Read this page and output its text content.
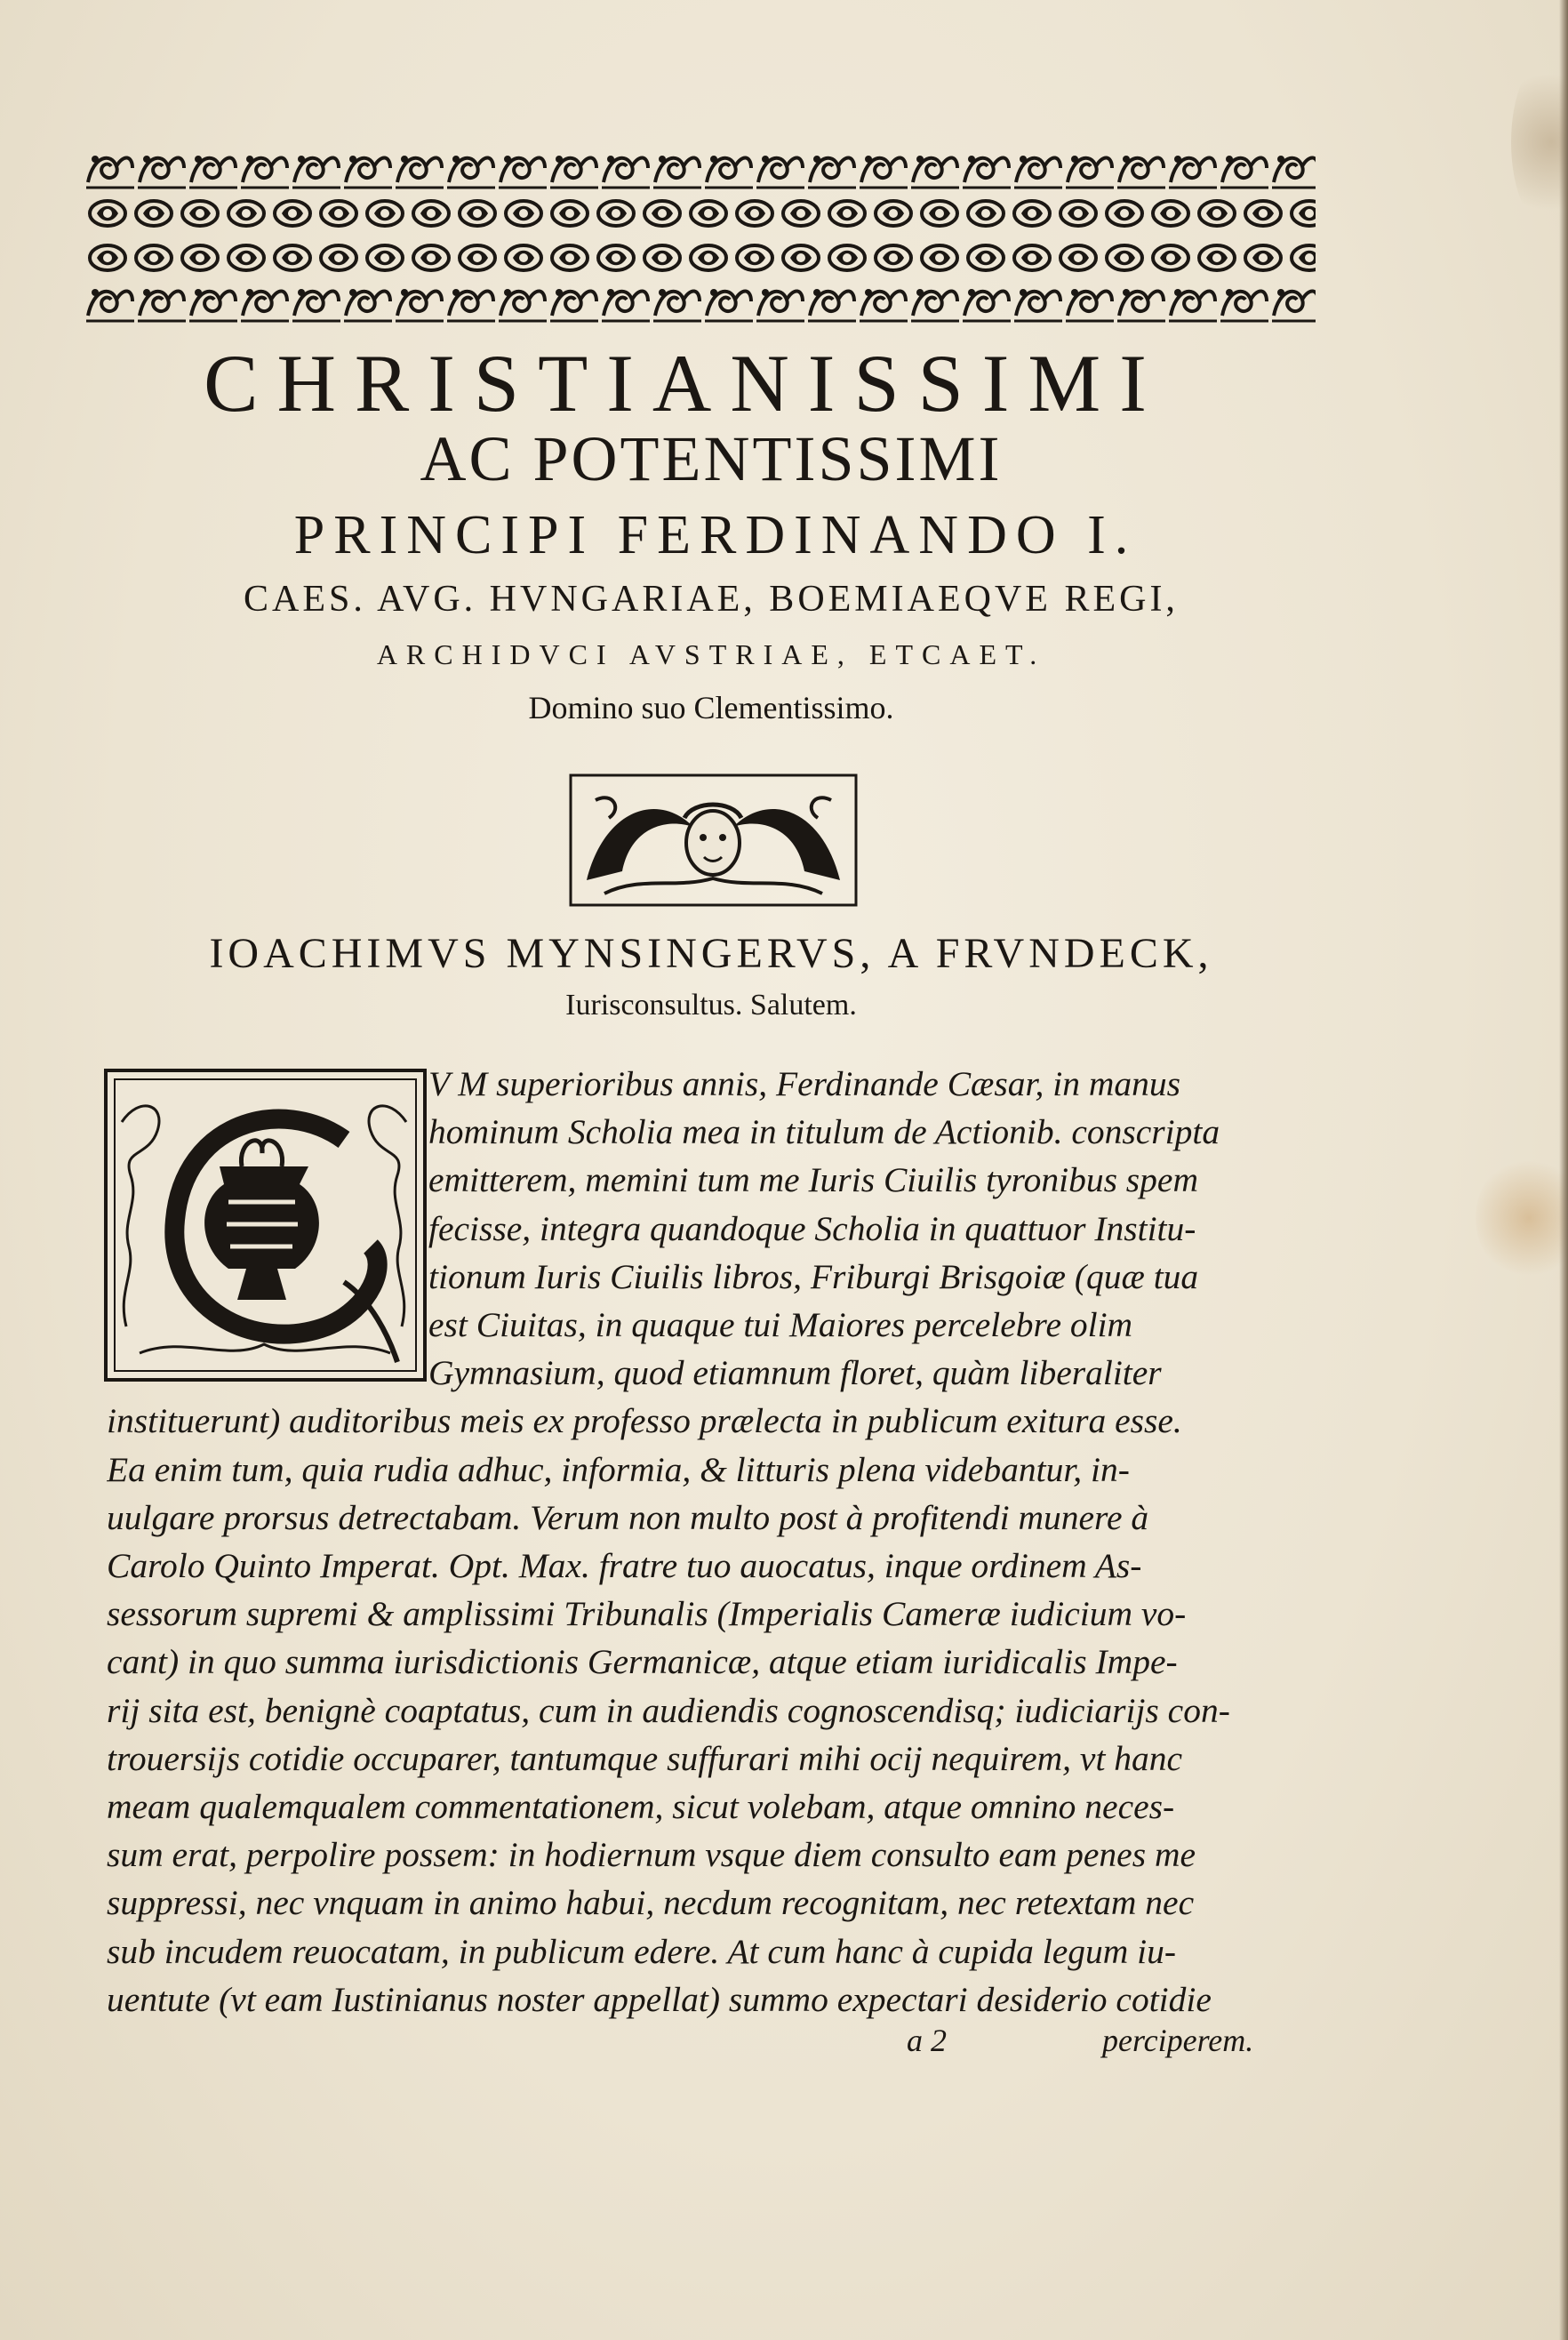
CHRISTIANISSIMI
AC POTENTISSIMI
PRINCIPI FERDINANDO I.
CAES. AVG. HVNGARIAE, BOEMIAEQVE REGI,
ARCHIDVCI AVSTRIAE, ETCAET.
Domino suo Clementissimo.
IOACHIMVS MYNSINGERVS, A FRVNDECK,
Iurisconsultus. Salutem.
V M superioribus annis, Ferdinande Cæsar, in manus
hominum Scholia mea in titulum de Actionib. conscripta
emitterem, memini tum me Iuris Ciuilis tyronibus spem
fecisse, integra quandoque Scholia in quattuor Institu-
tionum Iuris Ciuilis libros, Friburgi Brisgoiæ (quæ tua
est Ciuitas, in quaque tui Maiores percelebre olim
Gymnasium, quod etiamnum floret, quàm liberaliter
instituerunt) auditoribus meis ex professo prælecta in publicum exitura esse.
Ea enim tum, quia rudia adhuc, informia, & litturis plena videbantur, in-
uulgare prorsus detrectabam. Verum non multo post à profitendi munere à
Carolo Quinto Imperat. Opt. Max. fratre tuo auocatus, inque ordinem As-
sessorum supremi & amplissimi Tribunalis (Imperialis Cameræ iudicium vo-
cant) in quo summa iurisdictionis Germanicæ, atque etiam iuridicalis Impe-
rij sita est, benignè coaptatus, cum in audiendis cognoscendisq; iudiciarijs con-
trouersijs cotidie occuparer, tantumque suffurari mihi ocij nequirem, vt hanc
meam qualemqualem commentationem, sicut volebam, atque omnino neces-
sum erat, perpolire possem: in hodiernum vsque diem consulto eam penes me
suppressi, nec vnquam in animo habui, necdum recognitam, nec retextam nec
sub incudem reuocatam, in publicum edere. At cum hanc à cupida legum iu-
uentute (vt eam Iustinianus noster appellat) summo expectari desiderio cotidie
a 2	perciperem.
